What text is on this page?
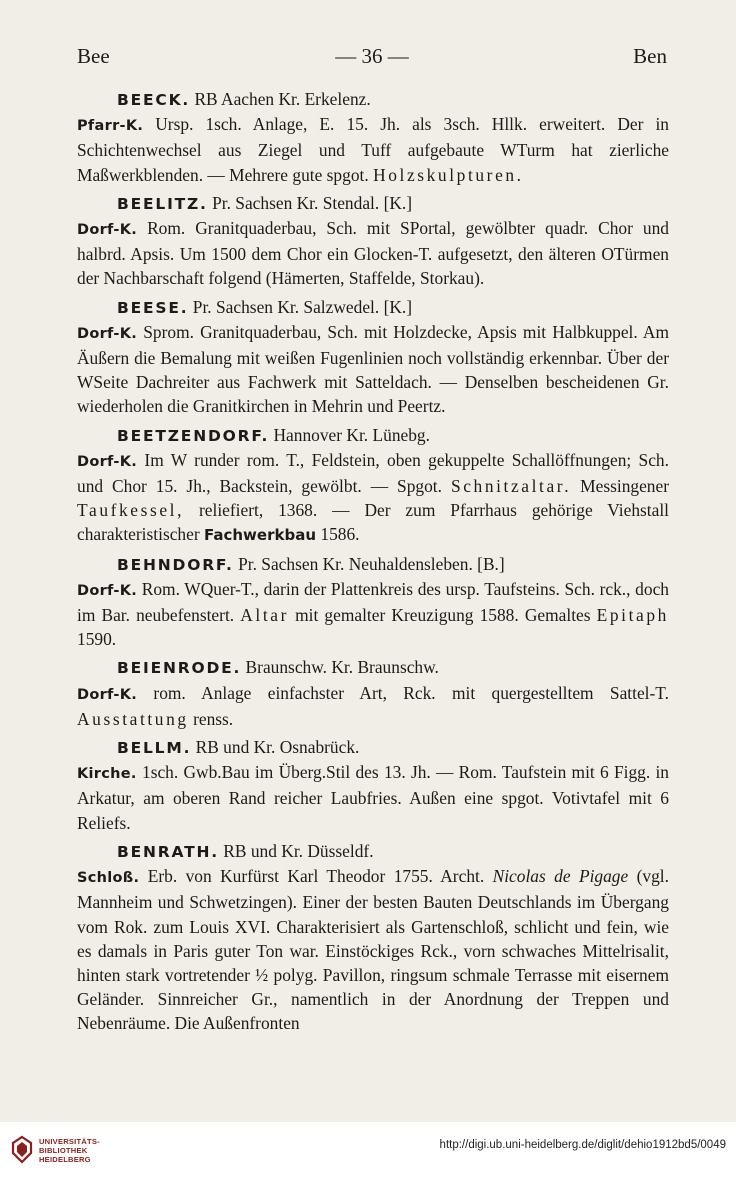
Bee	— 36 —	Ben

BEECK. RB Aachen Kr. Erkelenz.

Pfarr-K. Ursp. 1sch. Anlage, E. 15. Jh. als 3sch. Hllk. erweitert. Der in Schichtenwechsel aus Ziegel und Tuff aufgebaute WTurm hat zierliche Maßwerkblenden. — Mehrere gute spgot. Holzskulpturen.

BEELITZ. Pr. Sachsen Kr. Stendal. [K.]

Dorf-K. Rom. Granitquaderbau, Sch. mit SPortal, gewölbter quadr. Chor und halbrd. Apsis. Um 1500 dem Chor ein Glocken-T. aufgesetzt, den älteren OTürmen der Nachbarschaft folgend (Hämerten, Staffelde, Storkau).

BEESE. Pr. Sachsen Kr. Salzwedel. [K.]

Dorf-K. Sprom. Granitquaderbau, Sch. mit Holzdecke, Apsis mit Halbkuppel. Am Äußern die Bemalung mit weißen Fugenlinien noch vollständig erkennbar. Über der WSeite Dachreiter aus Fachwerk mit Satteldach. — Denselben bescheidenen Gr. wiederholen die Granitkirchen in Mehrin und Peertz.

BEETZENDORF. Hannover Kr. Lünebg.

Dorf-K. Im W runder rom. T., Feldstein, oben gekuppelte Schallöffnungen; Sch. und Chor 15. Jh., Backstein, gewölbt. — Spgot. Schnitzaltar. Messingener Taufkessel, reliefiert, 1368. — Der zum Pfarrhaus gehörige Viehstall charakteristischer Fachwerkbau 1586.

BEHNDORF. Pr. Sachsen Kr. Neuhaldensleben. [B.]

Dorf-K. Rom. WQuer-T., darin der Plattenkreis des ursp. Taufsteins. Sch. rck., doch im Bar. neubefenstert. Altar mit gemalter Kreuzigung 1588. Gemaltes Epitaph 1590.

BEIENRODE. Braunschw. Kr. Braunschw.

Dorf-K. rom. Anlage einfachster Art, Rck. mit quergestelltem Sattel-T. Ausstattung renss.

BELLM. RB und Kr. Osnabrück.

Kirche. 1sch. Gwb.Bau im Überg.Stil des 13. Jh. — Rom. Taufstein mit 6 Figg. in Arkatur, am oberen Rand reicher Laubfries. Außen eine spgot. Votivtafel mit 6 Reliefs.

BENRATH. RB und Kr. Düsseldf.

Schloß. Erb. von Kurfürst Karl Theodor 1755. Archt. Nicolas de Pigage (vgl. Mannheim und Schwetzingen). Einer der besten Bauten Deutschlands im Übergang vom Rok. zum Louis XVI. Charakterisiert als Gartenschloß, schlicht und fein, wie es damals in Paris guter Ton war. Einstöckiges Rck., vorn schwaches Mittelrisalit, hinten stark vortretender ½ polyg. Pavillon, ringsum schmale Terrasse mit eisernem Geländer. Sinnreicher Gr., namentlich in der Anordnung der Treppen und Nebenräume. Die Außenfronten

UNIVERSITÄTS-
BIBLIOTHEK
HEIDELBERG
http://digi.ub.uni-heidelberg.de/diglit/dehio1912bd5/0049
